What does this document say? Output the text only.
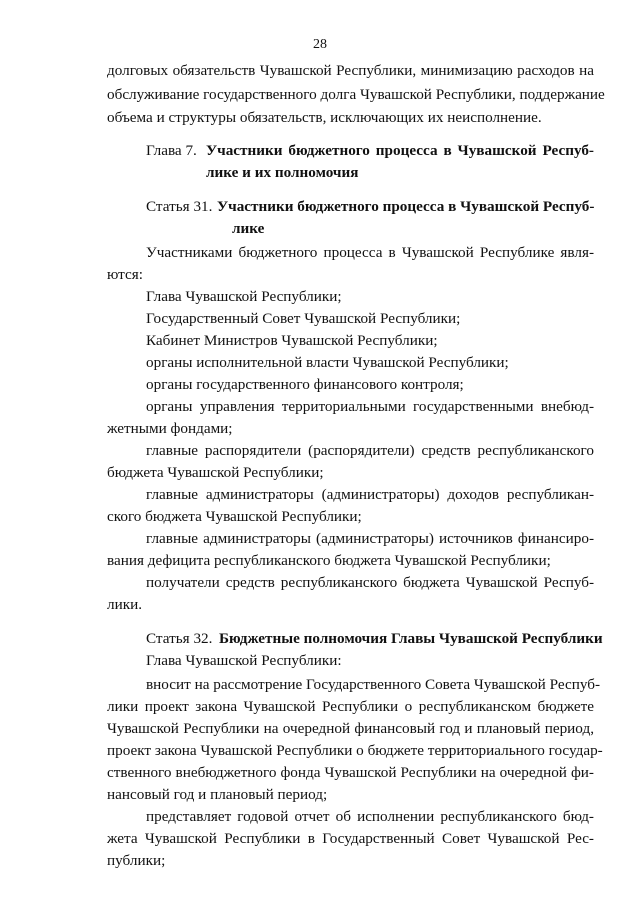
28
долговых обязательств Чувашской Республики, минимизацию расходов на
обслуживание государственного долга Чувашской Республики, поддержание
объема и структуры обязательств, исключающих их неисполнение.
Глава 7. Участники бюджетного процесса в Чувашской Респуб-
лике и их полномочия
Статья 31. Участники бюджетного процесса в Чувашской Респуб-
лике
Участниками бюджетного процесса в Чувашской Республике явля-
ются:
Глава Чувашской Республики;
Государственный Совет Чувашской Республики;
Кабинет Министров Чувашской Республики;
органы исполнительной власти Чувашской Республики;
органы государственного финансового контроля;
органы управления территориальными государственными внебюд-
жетными фондами;
главные распорядители (распорядители) средств республиканского
бюджета Чувашской Республики;
главные администраторы (администраторы) доходов республикан-
ского бюджета Чувашской Республики;
главные администраторы (администраторы) источников финансиро-
вания дефицита республиканского бюджета Чувашской Республики;
получатели средств республиканского бюджета Чувашской Респуб-
лики.
Статья 32. Бюджетные полномочия Главы Чувашской Республики
Глава Чувашской Республики:
вносит на рассмотрение Государственного Совета Чувашской Респуб-
лики проект закона Чувашской Республики о республиканском бюджете
Чувашской Республики на очередной финансовый год и плановый период,
проект закона Чувашской Республики о бюджете территориального государ-
ственного внебюджетного фонда Чувашской Республики на очередной фи-
нансовый год и плановый период;
представляет годовой отчет об исполнении республиканского бюд-
жета Чувашской Республики в Государственный Совет Чувашской Рес-
публики;
